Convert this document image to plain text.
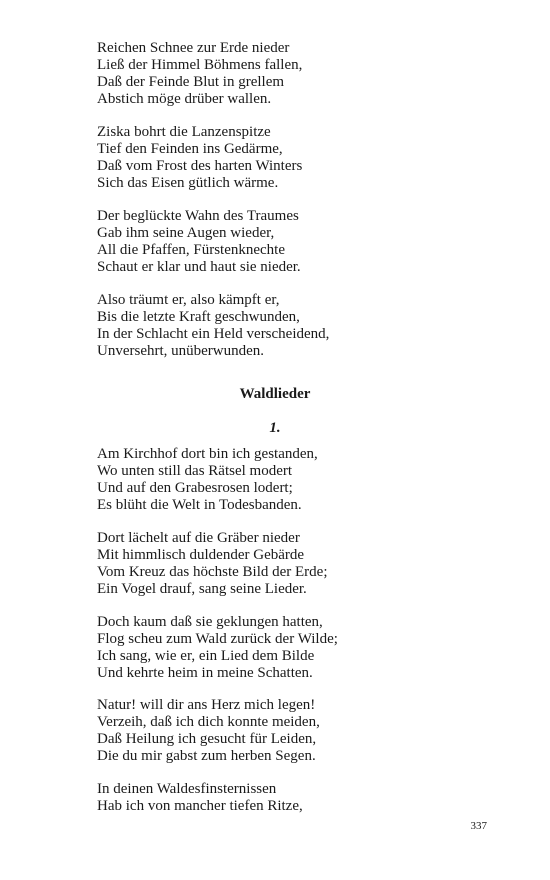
Reichen Schnee zur Erde nieder
Ließ der Himmel Böhmens fallen,
Daß der Feinde Blut in grellem
Abstich möge drüber wallen.
Ziska bohrt die Lanzenspitze
Tief den Feinden ins Gedärme,
Daß vom Frost des harten Winters
Sich das Eisen gütlich wärme.
Der beglückte Wahn des Traumes
Gab ihm seine Augen wieder,
All die Pfaffen, Fürstenknechte
Schaut er klar und haut sie nieder.
Also träumt er, also kämpft er,
Bis die letzte Kraft geschwunden,
In der Schlacht ein Held verscheidend,
Unversehrt, unüberwunden.
Waldlieder
1.
Am Kirchhof dort bin ich gestanden,
Wo unten still das Rätsel modert
Und auf den Grabesrosen lodert;
Es blüht die Welt in Todesbanden.
Dort lächelt auf die Gräber nieder
Mit himmlisch duldender Gebärde
Vom Kreuz das höchste Bild der Erde;
Ein Vogel drauf, sang seine Lieder.
Doch kaum daß sie geklungen hatten,
Flog scheu zum Wald zurück der Wilde;
Ich sang, wie er, ein Lied dem Bilde
Und kehrte heim in meine Schatten.
Natur! will dir ans Herz mich legen!
Verzeih, daß ich dich konnte meiden,
Daß Heilung ich gesucht für Leiden,
Die du mir gabst zum herben Segen.
In deinen Waldesfinsternissen
Hab ich von mancher tiefen Ritze,
337
